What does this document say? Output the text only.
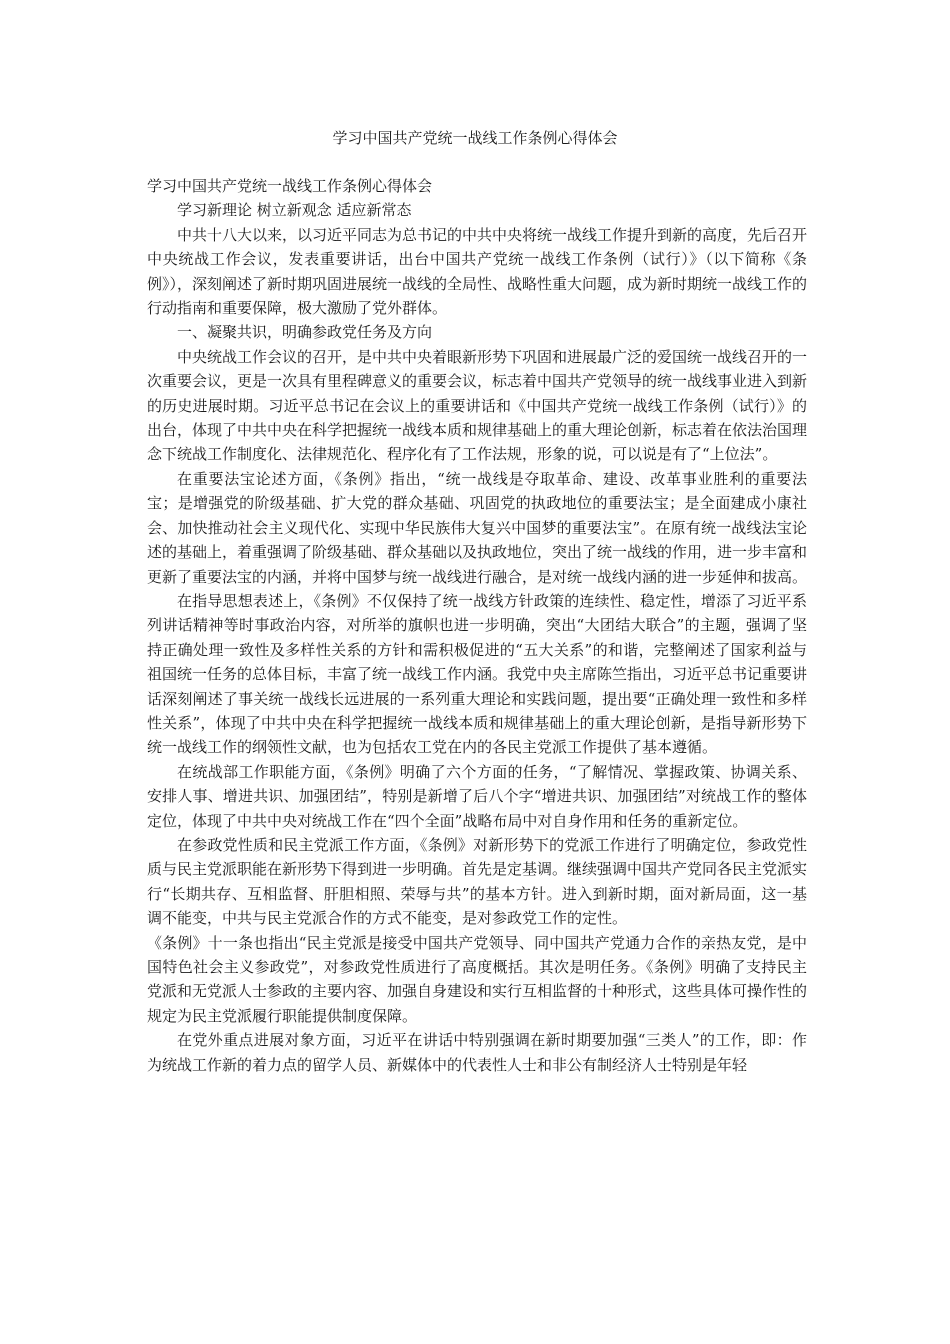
学习中国共产党统一战线工作条例心得体会

学习中国共产党统一战线工作条例心得体会

学习新理论 树立新观念 适应新常态

中共十八大以来，以习近平同志为总书记的中共中央将统一战线工作提升到新的高度，先后召开中央统战工作会议，发表重要讲话，出台中国共产党统一战线工作条例（试行）》（以下简称《条例》），深刻阐述了新时期巩固进展统一战线的全局性、战略性重大问题，成为新时期统一战线工作的行动指南和重要保障，极大激励了党外群体。

一、凝聚共识，明确参政党任务及方向

中央统战工作会议的召开，是中共中央着眼新形势下巩固和进展最广泛的爱国统一战线召开的一次重要会议，更是一次具有里程碑意义的重要会议，标志着中国共产党领导的统一战线事业进入到新的历史进展时期。习近平总书记在会议上的重要讲话和《中国共产党统一战线工作条例（试行）》的出台，体现了中共中央在科学把握统一战线本质和规律基础上的重大理论创新，标志着在依法治国理念下统战工作制度化、法律规范化、程序化有了工作法规，形象的说，可以说是有了“上位法”。

在重要法宝论述方面，《条例》指出，“统一战线是夺取革命、建设、改革事业胜利的重要法宝；是增强党的阶级基础、扩大党的群众基础、巩固党的执政地位的重要法宝；是全面建成小康社会、加快推动社会主义现代化、实现中华民族伟大复兴中国梦的重要法宝”。在原有统一战线法宝论述的基础上，着重强调了阶级基础、群众基础以及执政地位，突出了统一战线的作用，进一步丰富和更新了重要法宝的内涵，并将中国梦与统一战线进行融合，是对统一战线内涵的进一步延伸和拔高。

在指导思想表述上，《条例》不仅保持了统一战线方针政策的连续性、稳定性，增添了习近平系列讲话精神等时事政治内容，对所举的旗帜也进一步明确，突出“大团结大联合”的主题，强调了坚持正确处理一致性及多样性关系的方针和需积极促进的“五大关系”的和谐，完整阐述了国家利益与祖国统一任务的总体目标，丰富了统一战线工作内涵。我党中央主席陈竺指出，习近平总书记重要讲话深刻阐述了事关统一战线长远进展的一系列重大理论和实践问题，提出要“正确处理一致性和多样性关系”，体现了中共中央在科学把握统一战线本质和规律基础上的重大理论创新，是指导新形势下统一战线工作的纲领性文献，也为包括农工党在内的各民主党派工作提供了基本遵循。

在统战部工作职能方面，《条例》明确了六个方面的任务，“了解情况、掌握政策、协调关系、安排人事、增进共识、加强团结”，特别是新增了后八个字“增进共识、加强团结”对统战工作的整体定位，体现了中共中央对统战工作在“四个全面”战略布局中对自身作用和任务的重新定位。

在参政党性质和民主党派工作方面，《条例》对新形势下的党派工作进行了明确定位，参政党性质与民主党派职能在新形势下得到进一步明确。首先是定基调。继续强调中国共产党同各民主党派实行“长期共存、互相监督、肝胆相照、荣辱与共”的基本方针。进入到新时期，面对新局面，这一基调不能变，中共与民主党派合作的方式不能变，是对参政党工作的定性。

《条例》十一条也指出“民主党派是接受中国共产党领导、同中国共产党通力合作的亲热友党，是中国特色社会主义参政党”，对参政党性质进行了高度概括。其次是明任务。《条例》明确了支持民主党派和无党派人士参政的主要内容、加强自身建设和实行互相监督的十种形式，这些具体可操作性的规定为民主党派履行职能提供制度保障。

在党外重点进展对象方面，习近平在讲话中特别强调在新时期要加强“三类人”的工作，即：作为统战工作新的着力点的留学人员、新媒体中的代表性人士和非公有制经济人士特别是年轻
